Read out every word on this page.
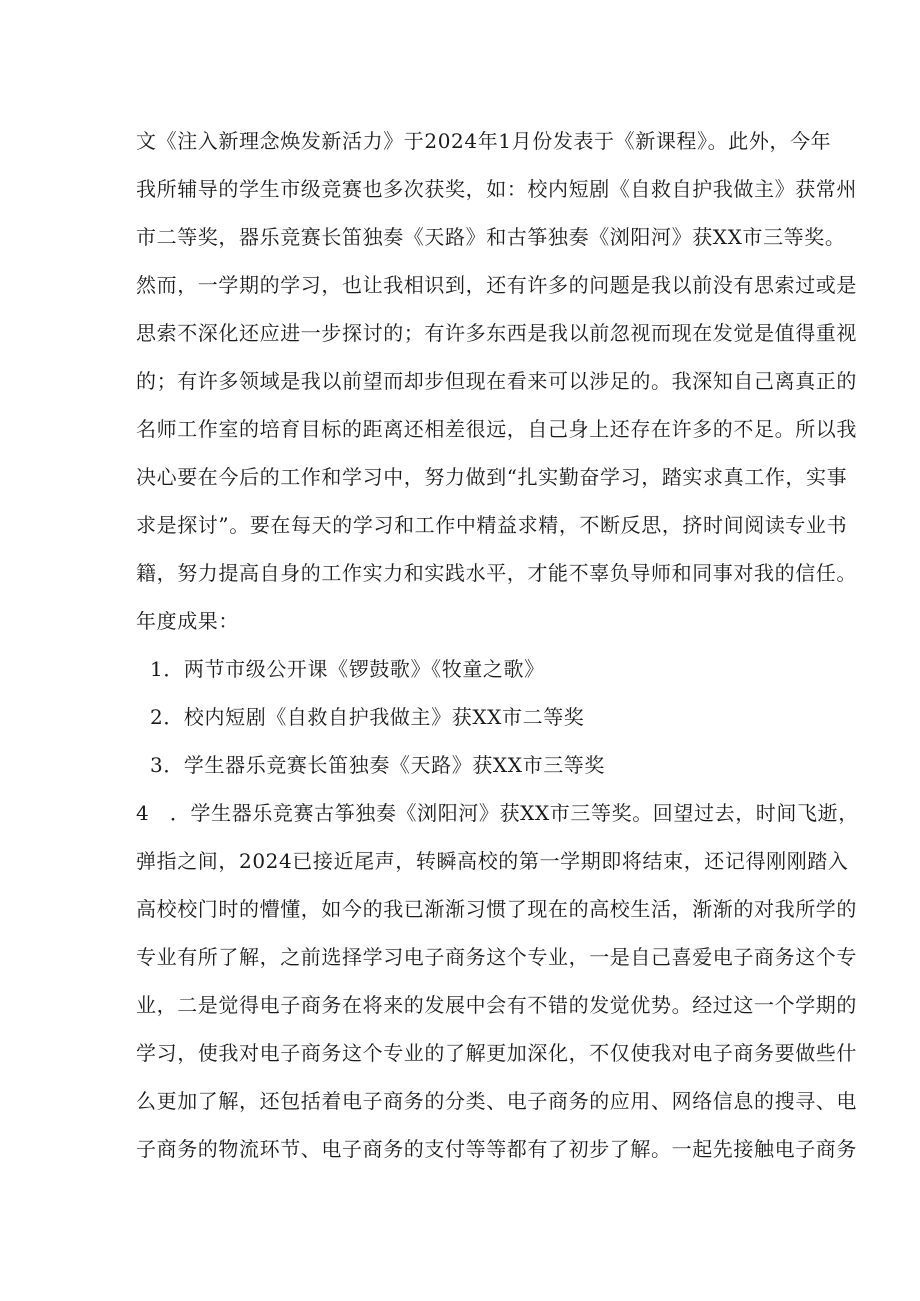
文《注入新理念焕发新活力》于2024年1月份发表于《新课程》。此外，今年
我所辅导的学生市级竞赛也多次获奖，如：校内短剧《自救自护我做主》获常州
市二等奖，器乐竞赛长笛独奏《天路》和古筝独奏《浏阳河》获XX市三等奖。
然而，一学期的学习，也让我相识到，还有许多的问题是我以前没有思索过或是
思索不深化还应进一步探讨的；有许多东西是我以前忽视而现在发觉是值得重视
的；有许多领域是我以前望而却步但现在看来可以涉足的。我深知自己离真正的
名师工作室的培育目标的距离还相差很远，自己身上还存在许多的不足。所以我
决心要在今后的工作和学习中，努力做到“扎实勤奋学习，踏实求真工作，实事
求是探讨”。要在每天的学习和工作中精益求精，不断反思，挤时间阅读专业书
籍，努力提高自身的工作实力和实践水平，才能不辜负导师和同事对我的信任。
年度成果：
1．两节市级公开课《锣鼓歌》《牧童之歌》
2．校内短剧《自救自护我做主》获XX市二等奖
3．学生器乐竞赛长笛独奏《天路》获XX市三等奖
4　．学生器乐竞赛古筝独奏《浏阳河》获XX市三等奖。回望过去，时间飞逝，
弹指之间，2024已接近尾声，转瞬高校的第一学期即将结束，还记得刚刚踏入
高校校门时的懵懂，如今的我已渐渐习惯了现在的高校生活，渐渐的对我所学的
专业有所了解，之前选择学习电子商务这个专业，一是自己喜爱电子商务这个专
业，二是觉得电子商务在将来的发展中会有不错的发觉优势。经过这一个学期的
学习，使我对电子商务这个专业的了解更加深化，不仅使我对电子商务要做些什
么更加了解，还包括着电子商务的分类、电子商务的应用、网络信息的搜寻、电
子商务的物流环节、电子商务的支付等等都有了初步了解。一起先接触电子商务
